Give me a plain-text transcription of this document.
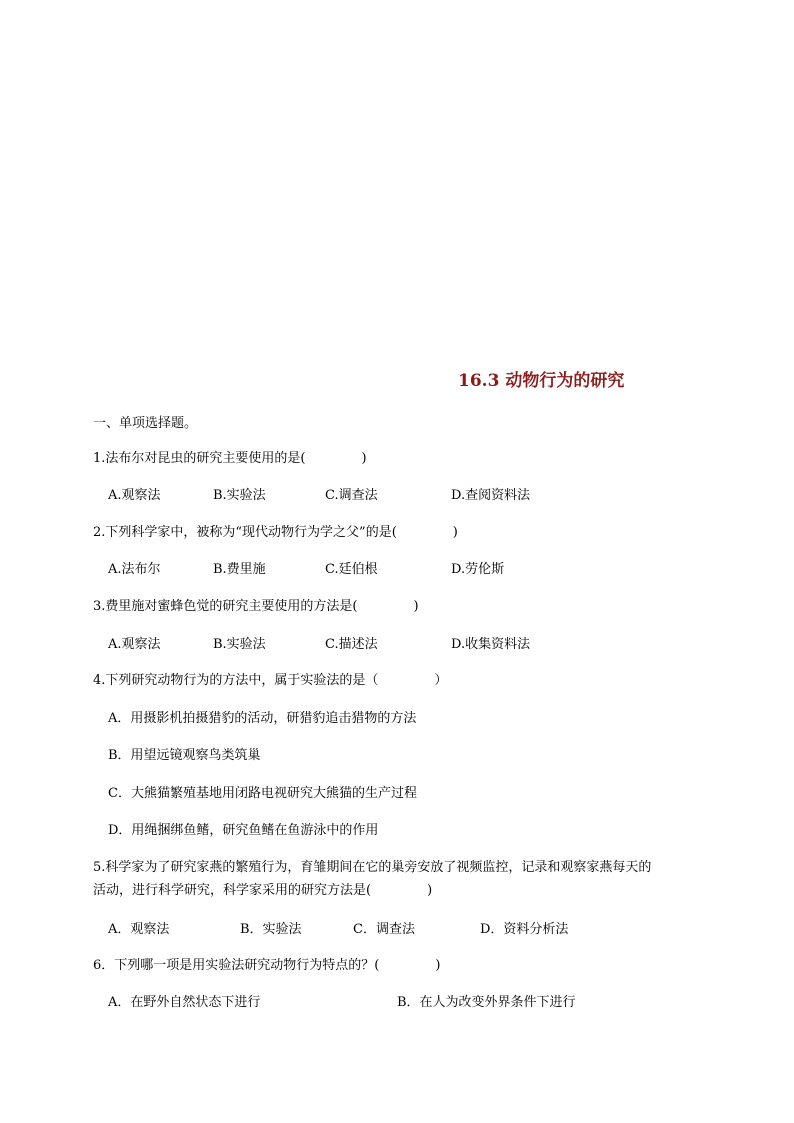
16.3 动物行为的研究
一、单项选择题。
1.法布尔对昆虫的研究主要使用的是(	)
A.观察法	B.实验法	C.调查法	D.查阅资料法
2.下列科学家中，被称为“现代动物行为学之父”的是(	)
A.法布尔	B.费里施	C.廷伯根	D.劳伦斯
3.费里施对蜜蜂色觉的研究主要使用的方法是(	)
A.观察法	B.实验法	C.描述法	D.收集资料法
4.下列研究动物行为的方法中，属于实验法的是（	）
A．用摄影机拍摄猎豹的活动，研猎豹追击猎物的方法
B．用望远镜观察鸟类筑巢
C．大熊猫繁殖基地用闭路电视研究大熊猫的生产过程
D．用绳捆绑鱼鳍，研究鱼鳍在鱼游泳中的作用
5.科学家为了研究家燕的繁殖行为，育雏期间在它的巢旁安放了视频监控，记录和观察家燕每天的
活动，进行科学研究，科学家采用的研究方法是(	)
A．观察法	B．实验法	C．调查法	D．资料分析法
6．下列哪一项是用实验法研究动物行为特点的？(	)
A．在野外自然状态下进行	B．在人为改变外界条件下进行
